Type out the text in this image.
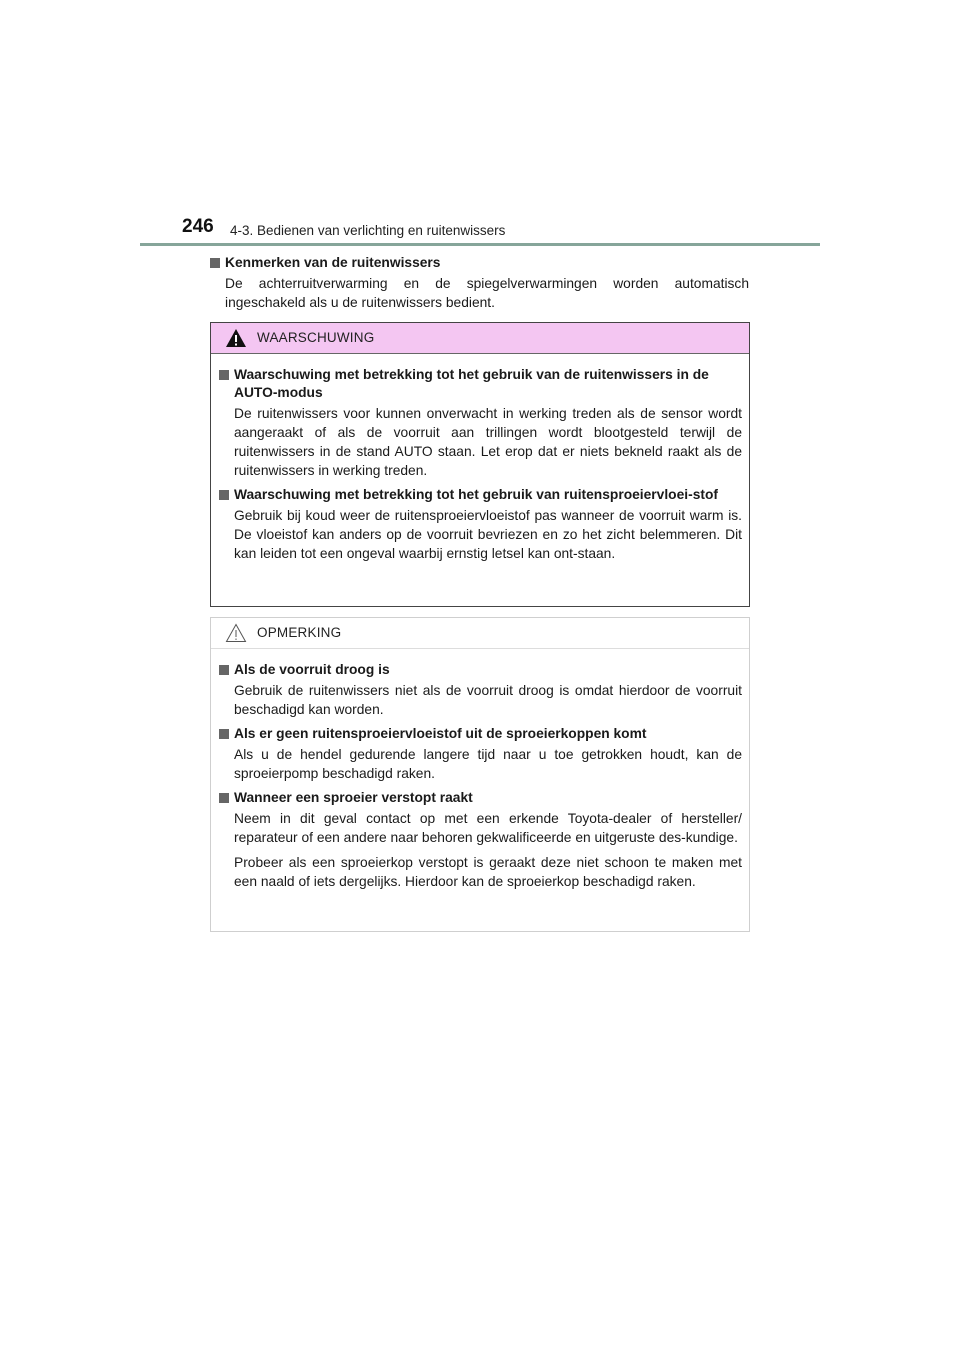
246 4-3. Bedienen van verlichting en ruitenwissers
Kenmerken van de ruitenwissers
De achterruitverwarming en de spiegelverwarmingen worden automatisch ingeschakeld als u de ruitenwissers bedient.
WAARSCHUWING
Waarschuwing met betrekking tot het gebruik van de ruitenwissers in de AUTO-modus
De ruitenwissers voor kunnen onverwacht in werking treden als de sensor wordt aangeraakt of als de voorruit aan trillingen wordt blootgesteld terwijl de ruitenwissers in de stand AUTO staan. Let erop dat er niets bekneld raakt als de ruitenwissers in werking treden.
Waarschuwing met betrekking tot het gebruik van ruitensproeiervloei-stof
Gebruik bij koud weer de ruitensproeiervloeistof pas wanneer de voorruit warm is. De vloeistof kan anders op de voorruit bevriezen en zo het zicht belemmeren. Dit kan leiden tot een ongeval waarbij ernstig letsel kan ont-staan.
OPMERKING
Als de voorruit droog is
Gebruik de ruitenwissers niet als de voorruit droog is omdat hierdoor de voorruit beschadigd kan worden.
Als er geen ruitensproeiervloeistof uit de sproeierkoppen komt
Als u de hendel gedurende langere tijd naar u toe getrokken houdt, kan de sproeierpomp beschadigd raken.
Wanneer een sproeier verstopt raakt
Neem in dit geval contact op met een erkende Toyota-dealer of hersteller/ reparateur of een andere naar behoren gekwalificeerde en uitgeruste des-kundige.
Probeer als een sproeierkop verstopt is geraakt deze niet schoon te maken met een naald of iets dergelijks. Hierdoor kan de sproeierkop beschadigd raken.
